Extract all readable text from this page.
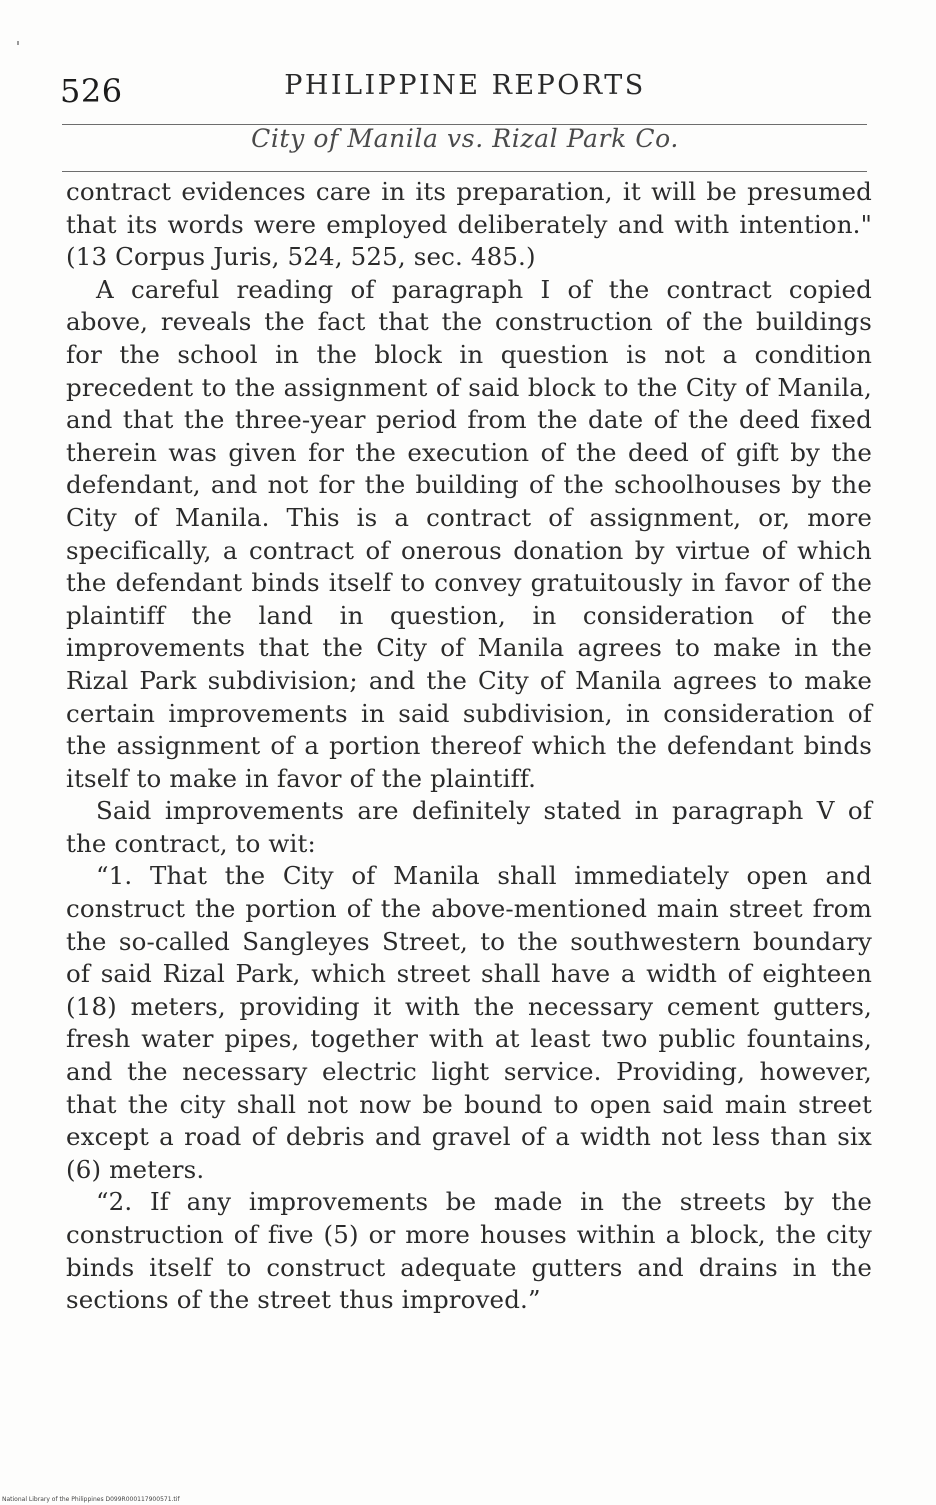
526	PHILIPPINE REPORTS
City of Manila vs. Rizal Park Co.

contract evidences care in its preparation, it will be presumed that its words were employed deliberately and with intention." (13 Corpus Juris, 524, 525, sec. 485.)

A careful reading of paragraph I of the contract copied above, reveals the fact that the construction of the buildings for the school in the block in question is not a condition precedent to the assignment of said block to the City of Manila, and that the three-year period from the date of the deed fixed therein was given for the execution of the deed of gift by the defendant, and not for the building of the schoolhouses by the City of Manila. This is a contract of assignment, or, more specifically, a contract of onerous donation by virtue of which the defendant binds itself to convey gratuitously in favor of the plaintiff the land in question, in consideration of the improvements that the City of Manila agrees to make in the Rizal Park subdivision; and the City of Manila agrees to make certain improvements in said subdivision, in consideration of the assignment of a portion thereof which the defendant binds itself to make in favor of the plaintiff.

Said improvements are definitely stated in paragraph V of the contract, to wit:

“1. That the City of Manila shall immediately open and construct the portion of the above-mentioned main street from the so-called Sangleyes Street, to the southwestern boundary of said Rizal Park, which street shall have a width of eighteen (18) meters, providing it with the necessary cement gutters, fresh water pipes, together with at least two public fountains, and the necessary electric light service. Providing, however, that the city shall not now be bound to open said main street except a road of debris and gravel of a width not less than six (6) meters.

“2. If any improvements be made in the streets by the construction of five (5) or more houses within a block, the city binds itself to construct adequate gutters and drains in the sections of the street thus improved.”

National Library of the Philippines D099R000117900571.tif
